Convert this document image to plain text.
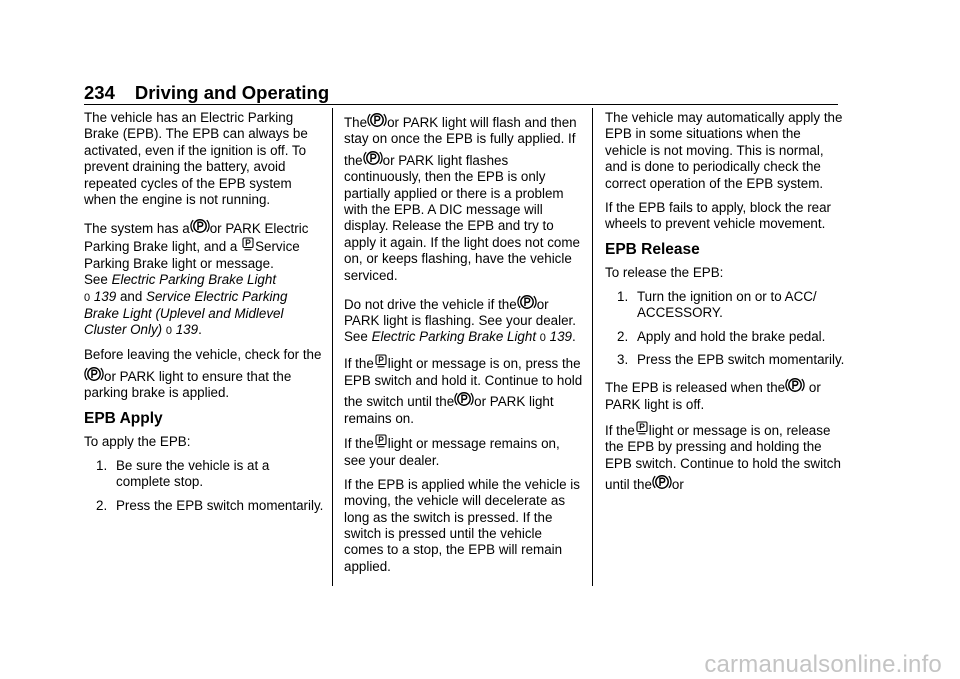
234 Driving and Operating

The vehicle has an Electric Parking Brake (EPB). The EPB can always be activated, even if the ignition is off. To prevent draining the battery, avoid repeated cycles of the EPB system when the engine is not running.

The system has a or PARK Electric Parking Brake light, and a Service Parking Brake light or message.
See Electric Parking Brake Light
0 139 and Service Electric Parking Brake Light (Uplevel and Midlevel Cluster Only) 0 139.

Before leaving the vehicle, check for the or PARK light to ensure that the parking brake is applied.

EPB Apply

To apply the EPB:

1. Be sure the vehicle is at a complete stop.
2. Press the EPB switch momentarily.

The or PARK light will flash and then stay on once the EPB is fully applied. If the or PARK light flashes continuously, then the EPB is only partially applied or there is a problem with the EPB. A DIC message will display. Release the EPB and try to apply it again. If the light does not come on, or keeps flashing, have the vehicle serviced.

Do not drive the vehicle if the or PARK light is flashing. See your dealer. See Electric Parking Brake Light 0 139.

If the light or message is on, press the EPB switch and hold it. Continue to hold the switch until the or PARK light remains on.

If the light or message remains on, see your dealer.

If the EPB is applied while the vehicle is moving, the vehicle will decelerate as long as the switch is pressed. If the switch is pressed until the vehicle comes to a stop, the EPB will remain applied.

The vehicle may automatically apply the EPB in some situations when the vehicle is not moving. This is normal, and is done to periodically check the correct operation of the EPB system.

If the EPB fails to apply, block the rear wheels to prevent vehicle movement.

EPB Release

To release the EPB:

1. Turn the ignition on or to ACC/ ACCESSORY.
2. Apply and hold the brake pedal.
3. Press the EPB switch momentarily.

The EPB is released when the or PARK light is off.

If the light or message is on, release the EPB by pressing and holding the EPB switch. Continue to hold the switch until the or

carmanualsonline.info
